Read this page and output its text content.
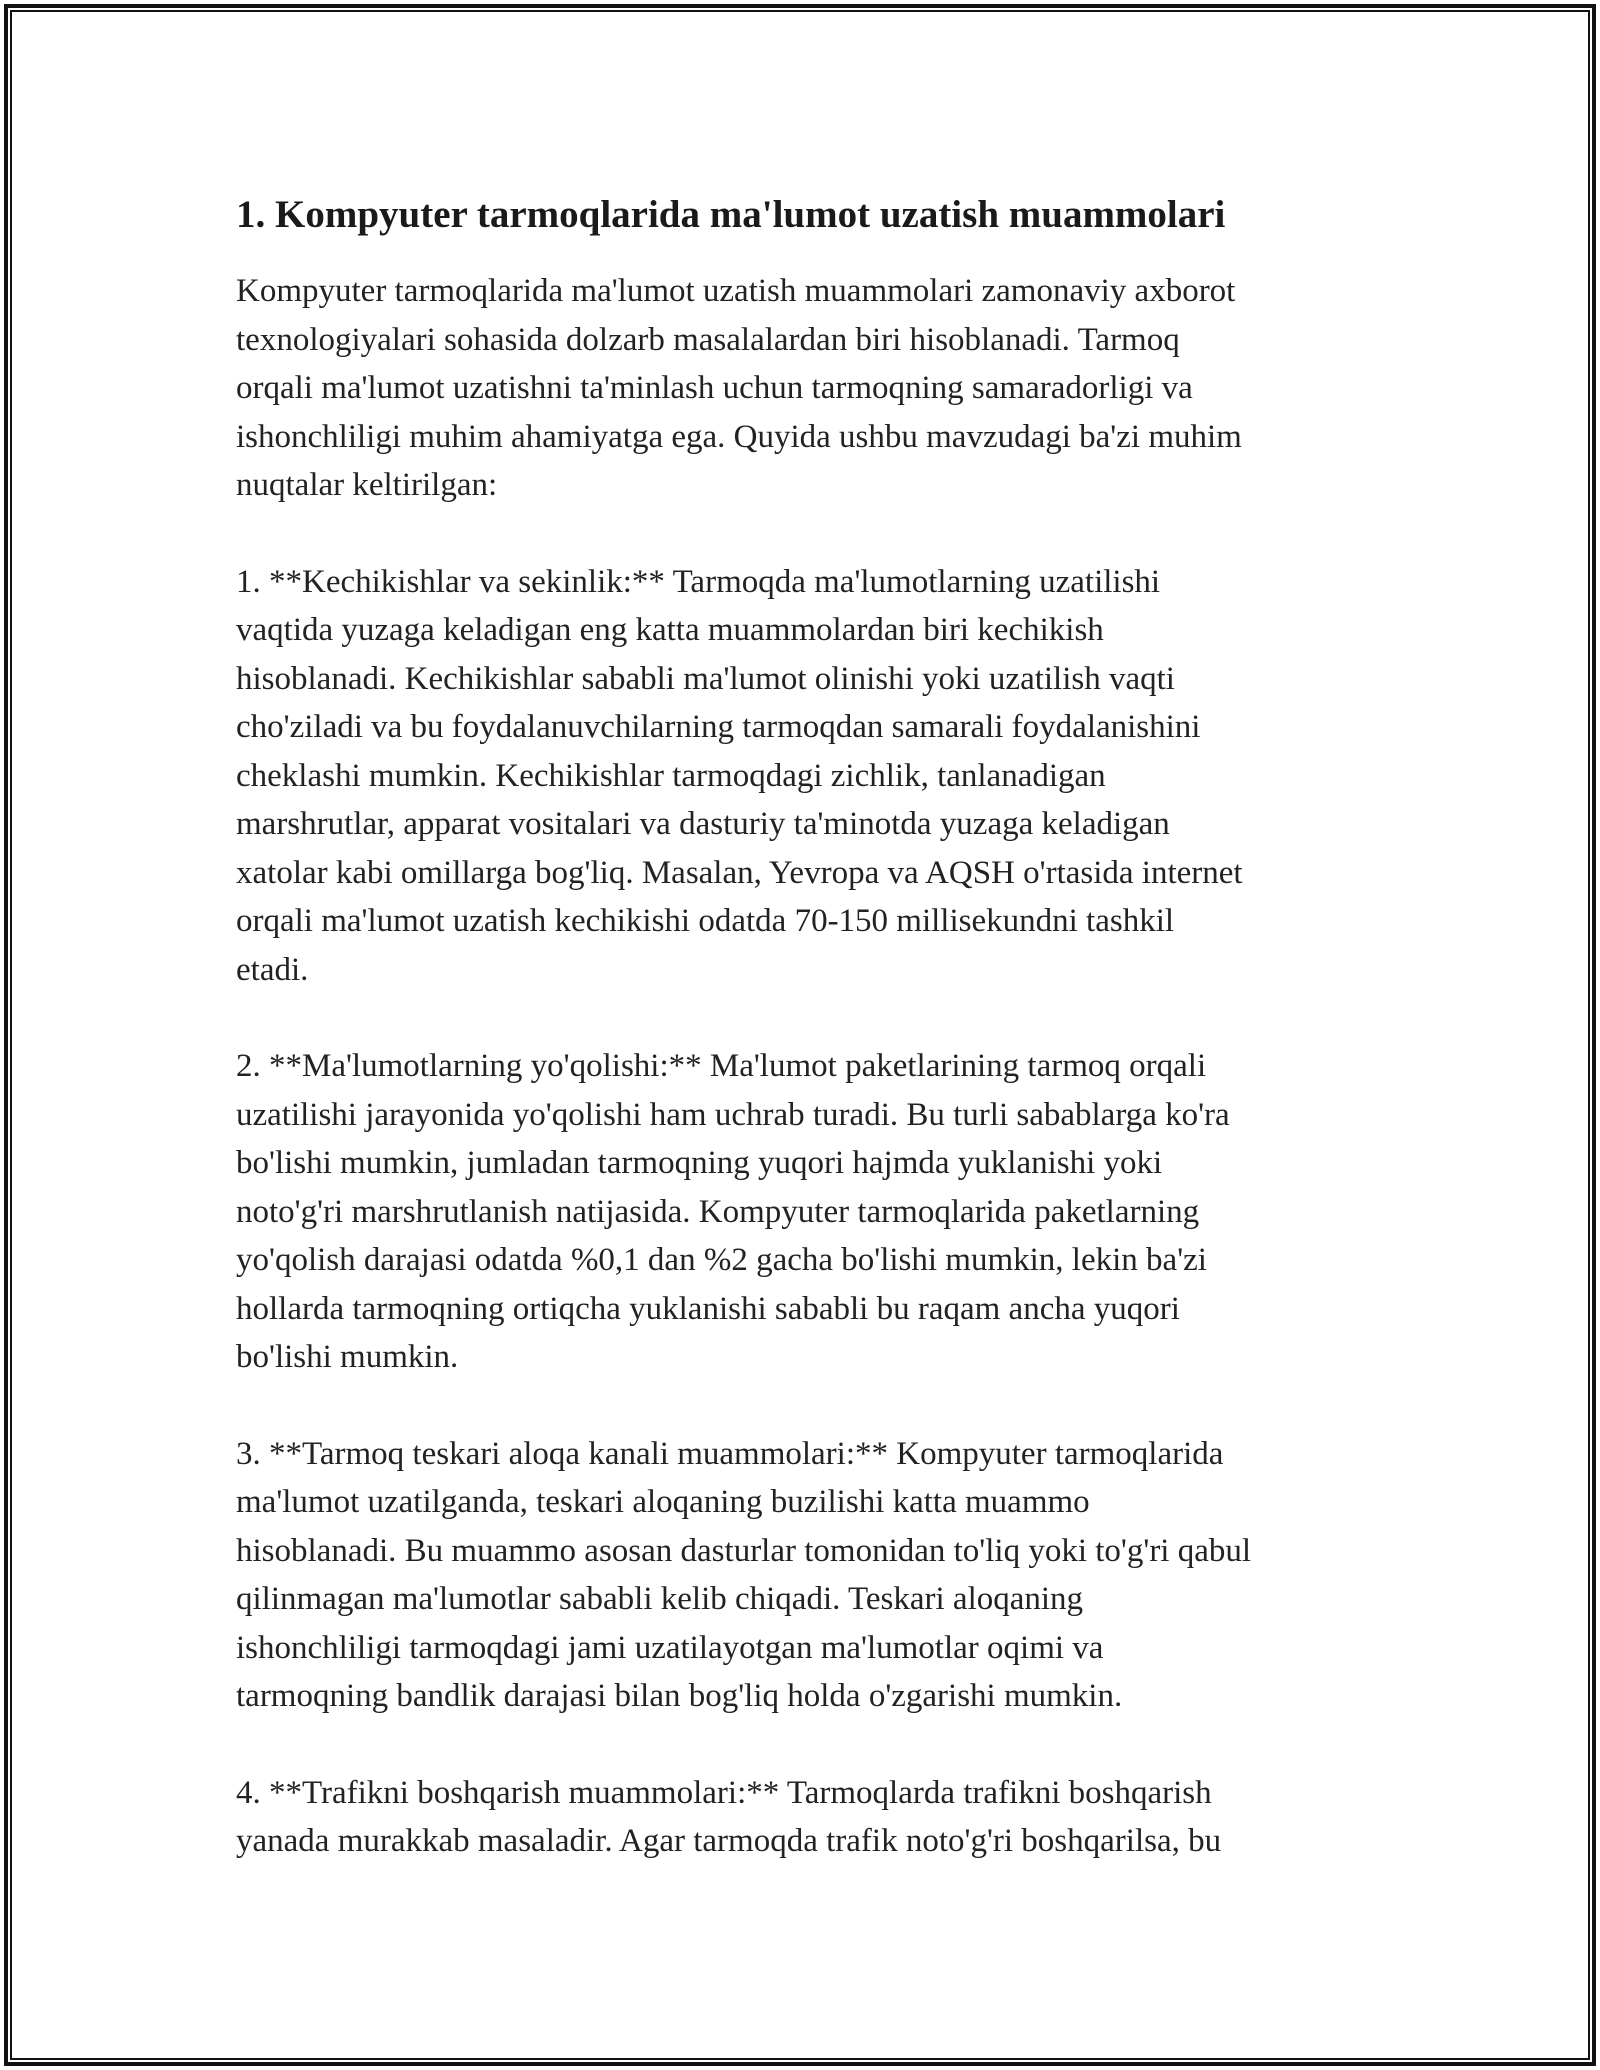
1. Kompyuter tarmoqlarida ma'lumot uzatish muammolari

Kompyuter tarmoqlarida ma'lumot uzatish muammolari zamonaviy axborot
texnologiyalari sohasida dolzarb masalalardan biri hisoblanadi. Tarmoq
orqali ma'lumot uzatishni ta'minlash uchun tarmoqning samaradorligi va
ishonchliligi muhim ahamiyatga ega. Quyida ushbu mavzudagi ba'zi muhim
nuqtalar keltirilgan:

1. **Kechikishlar va sekinlik:** Tarmoqda ma'lumotlarning uzatilishi
vaqtida yuzaga keladigan eng katta muammolardan biri kechikish
hisoblanadi. Kechikishlar sababli ma'lumot olinishi yoki uzatilish vaqti
cho'ziladi va bu foydalanuvchilarning tarmoqdan samarali foydalanishini
cheklashi mumkin. Kechikishlar tarmoqdagi zichlik, tanlanadigan
marshrutlar, apparat vositalari va dasturiy ta'minotda yuzaga keladigan
xatolar kabi omillarga bog'liq. Masalan, Yevropa va AQSH o'rtasida internet
orqali ma'lumot uzatish kechikishi odatda 70-150 millisekundni tashkil
etadi.

2. **Ma'lumotlarning yo'qolishi:** Ma'lumot paketlarining tarmoq orqali
uzatilishi jarayonida yo'qolishi ham uchrab turadi. Bu turli sabablarga ko'ra
bo'lishi mumkin, jumladan tarmoqning yuqori hajmda yuklanishi yoki
noto'g'ri marshrutlanish natijasida. Kompyuter tarmoqlarida paketlarning
yo'qolish darajasi odatda %0,1 dan %2 gacha bo'lishi mumkin, lekin ba'zi
hollarda tarmoqning ortiqcha yuklanishi sababli bu raqam ancha yuqori
bo'lishi mumkin.

3. **Tarmoq teskari aloqa kanali muammolari:** Kompyuter tarmoqlarida
ma'lumot uzatilganda, teskari aloqaning buzilishi katta muammo
hisoblanadi. Bu muammo asosan dasturlar tomonidan to'liq yoki to'g'ri qabul
qilinmagan ma'lumotlar sababli kelib chiqadi. Teskari aloqaning
ishonchliligi tarmoqdagi jami uzatilayotgan ma'lumotlar oqimi va
tarmoqning bandlik darajasi bilan bog'liq holda o'zgarishi mumkin.

4. **Trafikni boshqarish muammolari:** Tarmoqlarda trafikni boshqarish
yanada murakkab masaladir. Agar tarmoqda trafik noto'g'ri boshqarilsa, bu
